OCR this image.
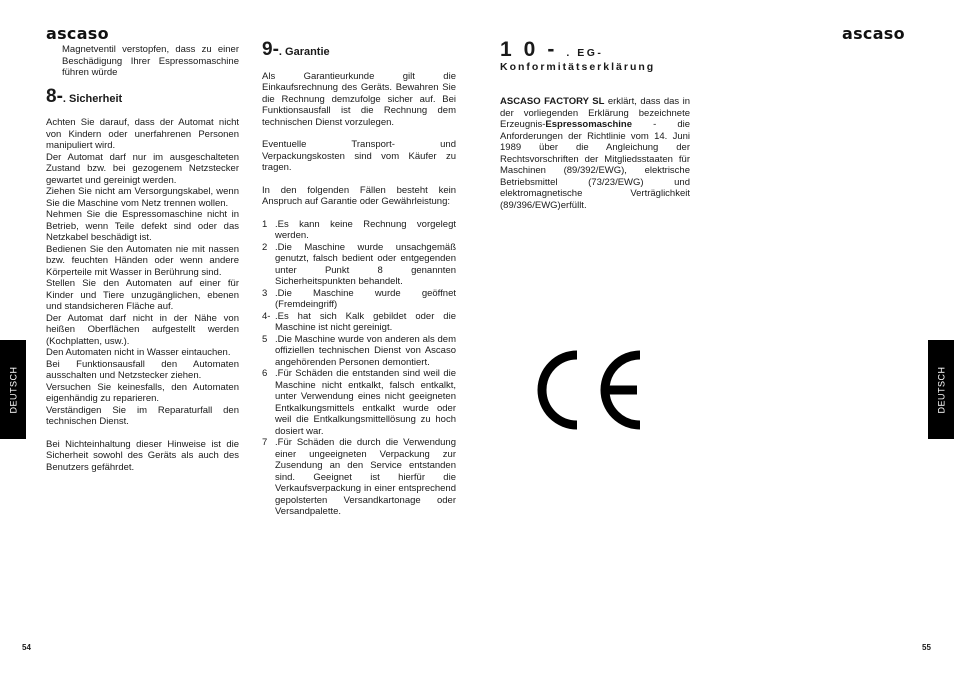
ascaso	ascaso

Magnetventil verstopfen, dass zu einer Beschädigung Ihrer Espressomaschine führen würde

8-. Sicherheit

Achten Sie darauf, dass der Automat nicht von Kindern oder unerfahrenen Personen manipuliert wird.

Der Automat darf nur im ausgeschalteten Zustand bzw. bei gezogenem Netzstecker gewartet und gereinigt werden.

Ziehen Sie nicht am Versorgungskabel, wenn Sie die Maschine vom Netz trennen wollen.

Nehmen Sie die Espressomaschine nicht in Betrieb, wenn Teile defekt sind oder das Netzkabel beschädigt ist.

Bedienen Sie den Automaten nie mit nassen bzw. feuchten Händen oder wenn andere Körperteile mit Wasser in Berührung sind.

Stellen Sie den Automaten auf einer für Kinder und Tiere unzugänglichen, ebenen und standsicheren Fläche auf.

Der Automat darf nicht in der Nähe von heißen Oberflächen aufgestellt werden (Kochplatten, usw.).

Den Automaten nicht in Wasser eintauchen.

Bei Funktionsausfall den Automaten ausschalten und Netzstecker ziehen.

Versuchen Sie keinesfalls, den Automaten eigenhändig zu reparieren.

Verständigen Sie im Reparaturfall den technischen Dienst.

Bei Nichteinhaltung dieser Hinweise ist die Sicherheit sowohl des Geräts als auch des Benutzers gefährdet.

9-. Garantie

Als Garantieurkunde gilt die Einkaufsrechnung des Geräts. Bewahren Sie die Rechnung demzufolge sicher auf. Bei Funktionsausfall ist die Rechnung dem technischen Dienst vorzulegen.

Eventuelle Transport- und Verpackungskosten sind vom Käufer zu tragen.

In den folgenden Fällen besteht kein Anspruch auf Garantie oder Gewährleistung:

1 .Es kann keine Rechnung vorgelegt werden.
2 .Die Maschine wurde unsachgemäß genutzt, falsch bedient oder entgegenden unter Punkt 8 genannten Sicherheitspunkten behandelt.
3 .Die Maschine wurde geöffnet (Fremdeingriff)
4- .Es hat sich Kalk gebildet oder die Maschine ist nicht gereinigt.
5 .Die Maschine wurde von anderen als dem offiziellen technischen Dienst von Ascaso angehörenden Personen demontiert.
6 .Für Schäden die entstanden sind weil die Maschine nicht entkalkt, falsch entkalkt, unter Verwendung eines nicht geeigneten Entkalkungsmittels entkalkt wurde oder weil die Entkalkungsmittellösung zu hoch dosiert war.
7 .Für Schäden die durch die Verwendung einer ungeeigneten Verpackung zur Zusendung an den Service entstanden sind. Geeignet ist hierfür die Verkaufsverpackung in einer entsprechend gepolsterten Versandkartonage oder Versandpalette.
10-. EG-
Konformitätserklärung

ASCASO FACTORY SL erklärt, dass das in der vorliegenden Erklärung bezeichnete Erzeugnis-Espressomaschine - die Anforderungen der Richtlinie vom 14. Juni 1989 über die Angleichung der Rechtsvorschriften der Mitgliedsstaaten für Maschinen (89/392/EWG), elektrische Betriebsmittel (73/23/EWG) und elektromagnetische Verträglichkeit (89/396/EWG)erfüllt.

DEUTSCH	DEUTSCH
54	55
